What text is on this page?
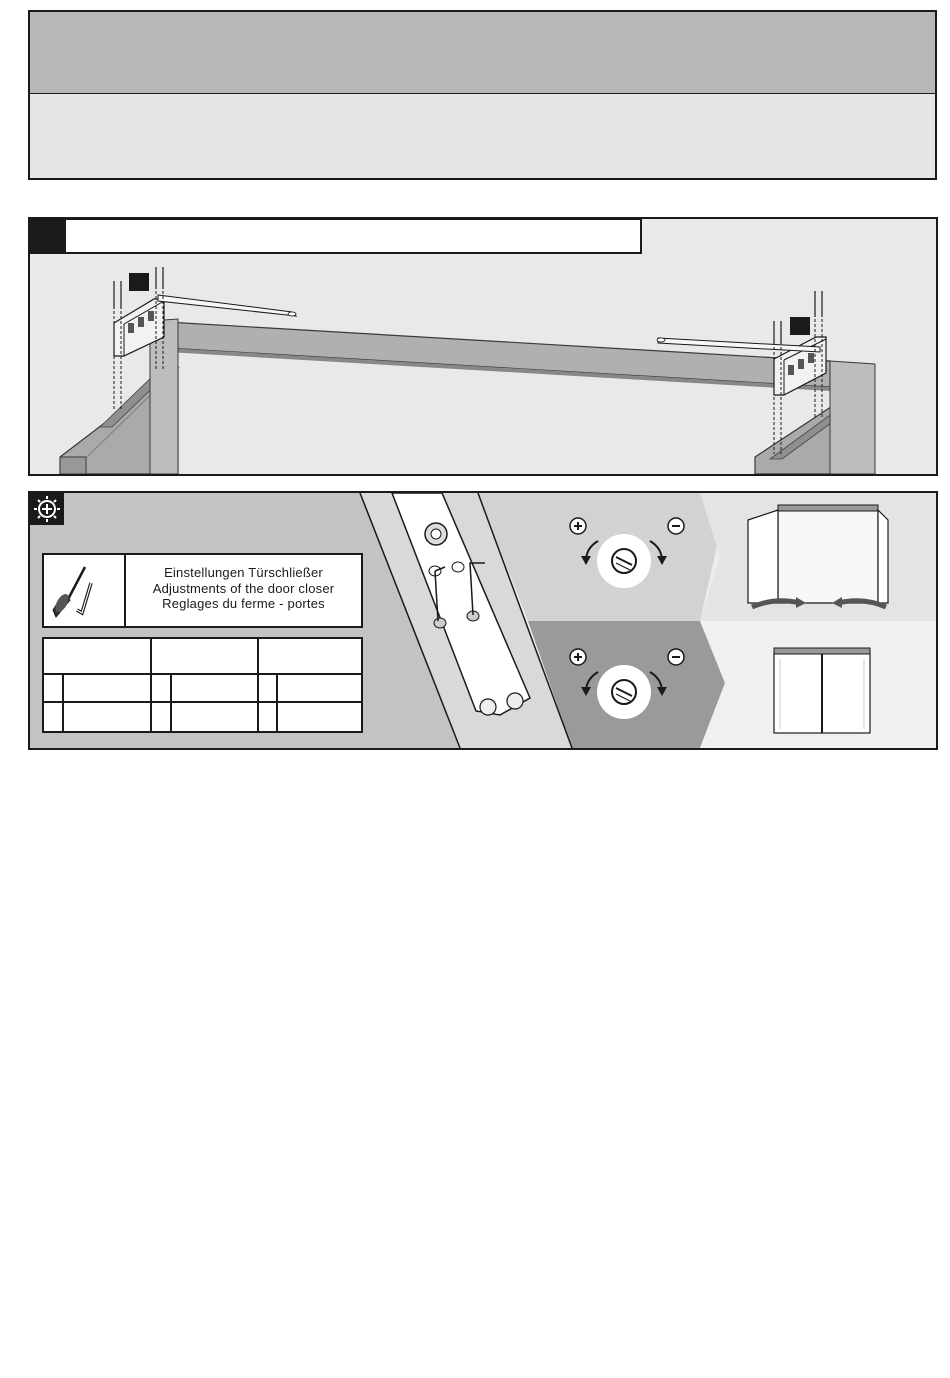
Einstellungen Türschließer
Adjustments of the door closer
Reglages du ferme - portes
